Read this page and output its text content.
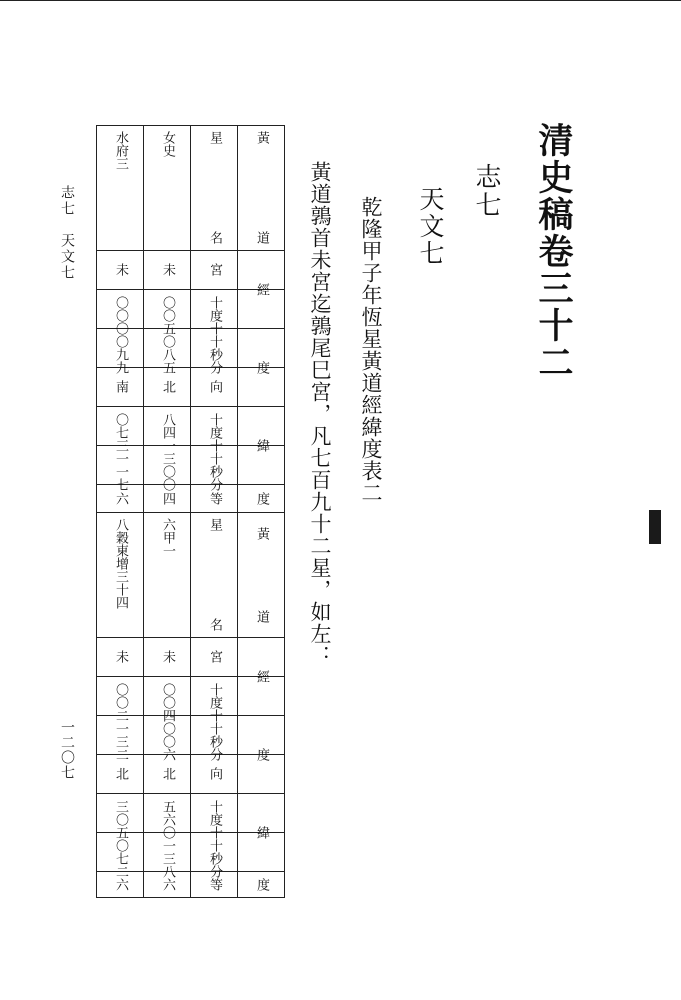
清史稿卷三十二
志七
天文七
乾隆甲子年恆星黃道經緯度表二
黃道鶉首未宮迄鶉尾巳宮，凡七百九十二星，如左：
志七　天文七
一二〇七
黃
道
經
度
緯
度
星
名
宮
十度
十十秒分
向
十度
十十秒分
等
女史
未
〇〇
五〇八五
北
八四
一三〇〇
四
水府三
未
〇〇
〇〇九九
南
〇七
三一一七
六
黃
道
經
度
緯
度
星
名
宮
十度
十十秒分
向
十度
十十秒分
等
六甲一
未
〇〇
四〇〇六
北
五六
〇一三八
六
八穀東增三十四
未
〇〇
二一三二
北
三〇
五〇七二
六
